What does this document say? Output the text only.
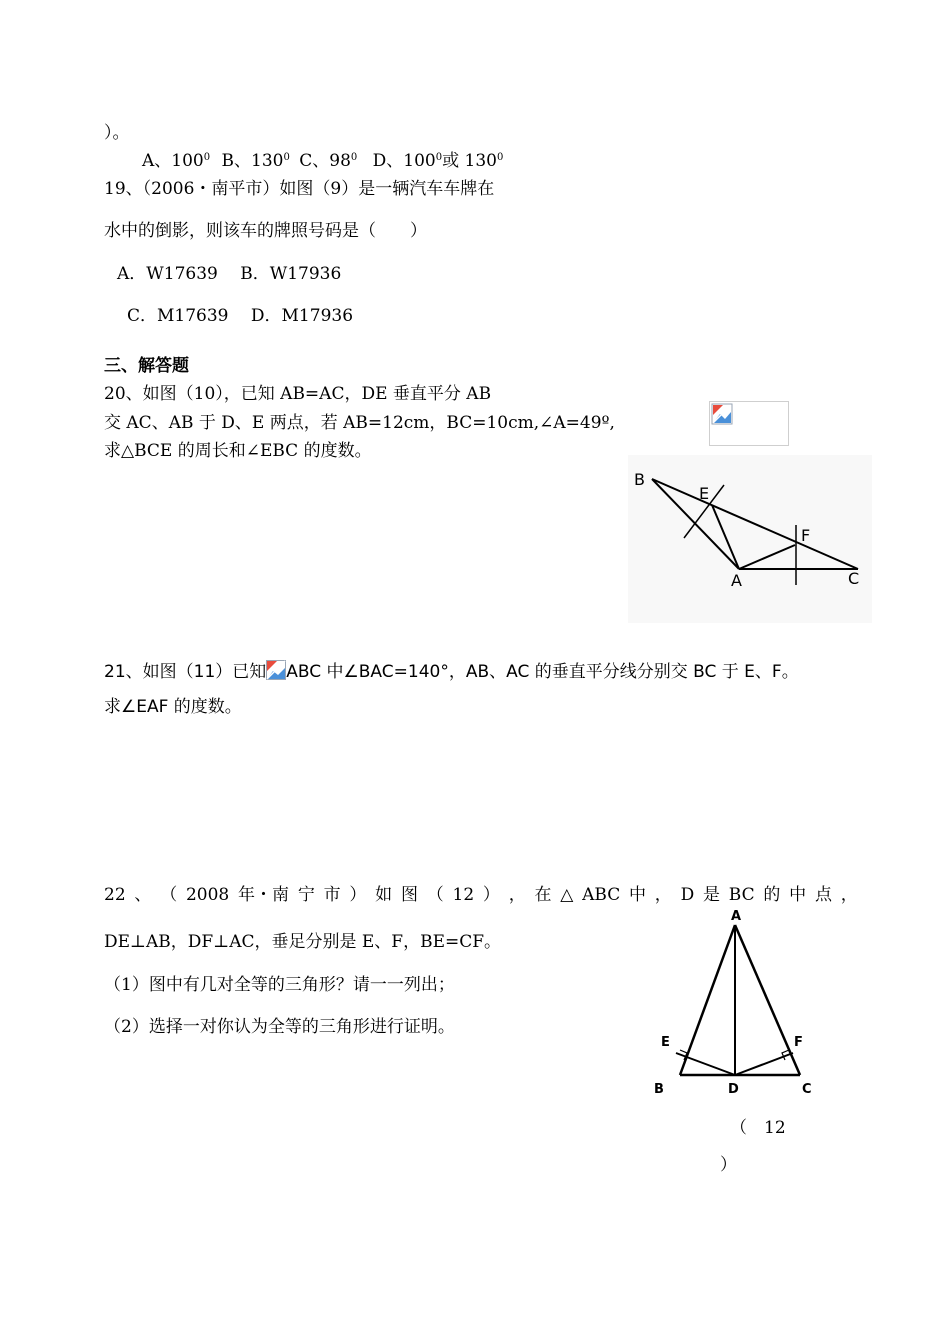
）。
A、$100^0$ B、$130^0$ C、$98^0$ D、$100^0$或 $130^0$
19、（2006・南平市）如图（9）是一辆汽车车牌在
水中的倒影，则该车的牌照号码是（　　）
A．W17639　 B．W17936
C．M17639　 D．M17936
三、解答题
20、如图（10），已知 AB=AC，DE 垂直平分 AB
交 AC、AB 于 D、E 两点，若 AB=12cm，BC=10cm,∠A=49º,
求△BCE 的周长和∠EBC 的度数。
B
E
F
A	C
21、如图（11）已知 ABC 中∠BAC=140°，AB、AC 的垂直平分线分别交 BC 于 E、F。
求∠EAF 的度数。
22 、 （ 2008 年・南 宁 市 ） 如 图 （ 12 ） ， 在 △ ABC 中 ， D 是 BC 的 中 点 ，
DE⊥AB，DF⊥AC，垂足分别是 E、F，BE=CF。
（1）图中有几对全等的三角形？请一一列出；
（2）选择一对你认为全等的三角形进行证明。
A
E	F
B	D	C
（　12
）
